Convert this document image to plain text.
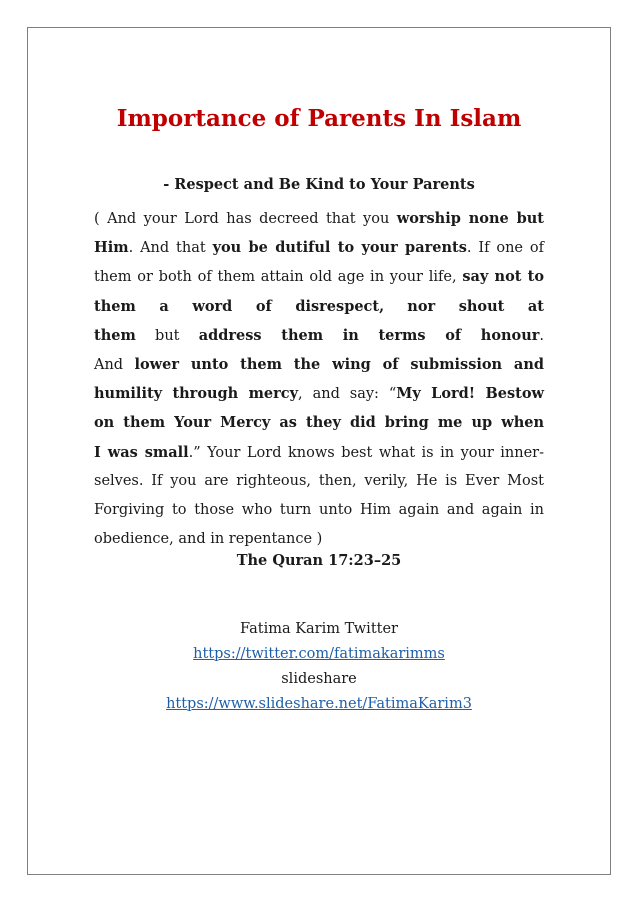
Importance of Parents In Islam
- Respect and Be Kind to Your Parents
( And your Lord has decreed that you worship none but
Him. And that you be dutiful to your parents. If one of
them or both of them attain old age in your life, say not to
them a word of disrespect, nor shout at
them but address them in terms of honour.
And lower unto them the wing of submission and
humility through mercy, and say: “My Lord! Bestow
on them Your Mercy as they did bring me up when
I was small.” Your Lord knows best what is in your inner-
selves. If you are righteous, then, verily, He is Ever Most
Forgiving to those who turn unto Him again and again in
obedience, and in repentance )
The Quran 17:23–25
Fatima Karim Twitter
https://twitter.com/fatimakarimms
slideshare
https://www.slideshare.net/FatimaKarim3
